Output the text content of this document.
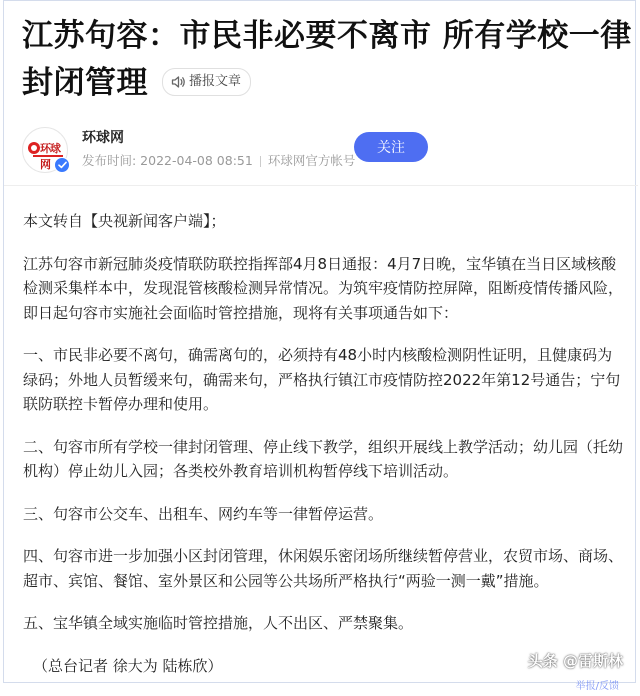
江苏句容：市民非必要不离市 所有学校一律封闭管理	播报文章
环球网
环球网
发布时间: 2022-04-08 08:51 环球网官方帐号
关注

本文转自【央视新闻客户端】；

江苏句容市新冠肺炎疫情联防联控指挥部4月8日通报：4月7日晚，宝华镇在当日区域核酸检测采集样本中，发现混管核酸检测异常情况。为筑牢疫情防控屏障，阻断疫情传播风险，即日起句容市实施社会面临时管控措施，现将有关事项通告如下：

一、市民非必要不离句，确需离句的，必须持有48小时内核酸检测阴性证明，且健康码为绿码；外地人员暂缓来句，确需来句，严格执行镇江市疫情防控2022年第12号通告；宁句联防联控卡暂停办理和使用。

二、句容市所有学校一律封闭管理、停止线下教学，组织开展线上教学活动；幼儿园（托幼机构）停止幼儿入园；各类校外教育培训机构暂停线下培训活动。

三、句容市公交车、出租车、网约车等一律暂停运营。

四、句容市进一步加强小区封闭管理，休闲娱乐密闭场所继续暂停营业，农贸市场、商场、超市、宾馆、餐馆、室外景区和公园等公共场所严格执行“两验一测一戴”措施。

五、宝华镇全域实施临时管控措施，人不出区、严禁聚集。

（总台记者 徐大为 陆栋欣）	头条 @雷斯林
举报/反馈
